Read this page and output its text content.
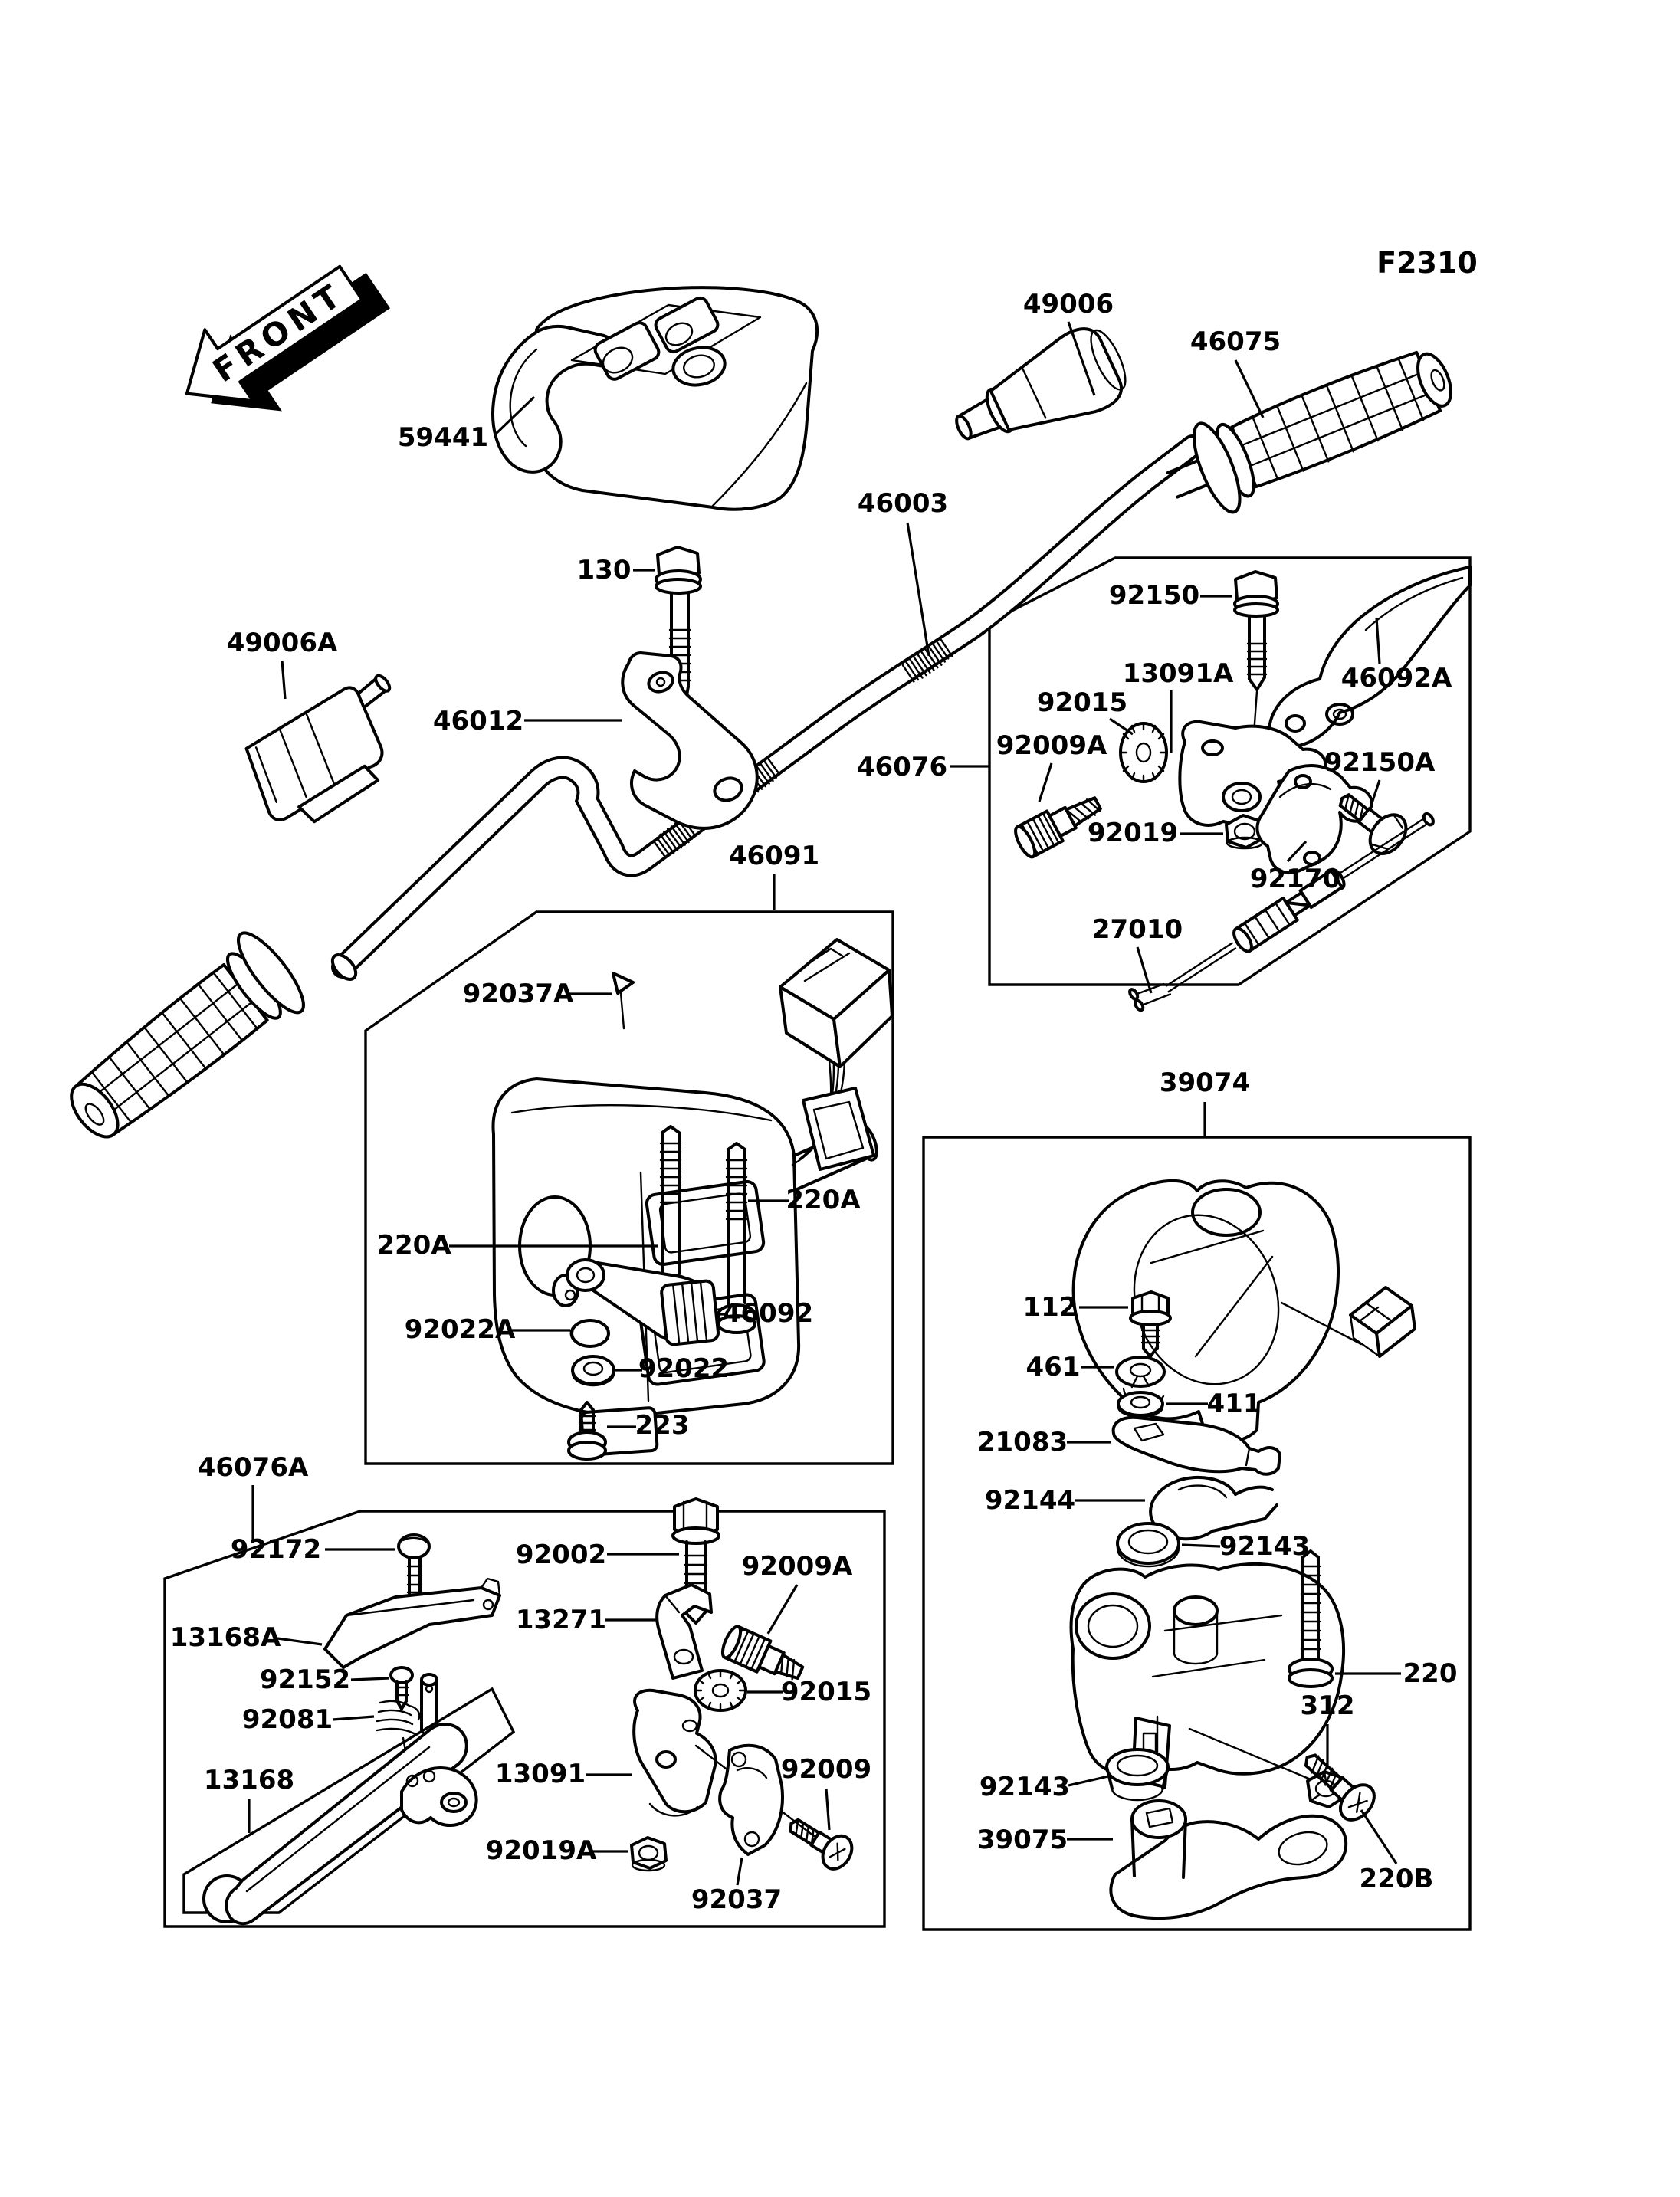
FRONT
59441
49006
46075
46003
130
49006A
46012
46076
92150
13091A
92015
46092A
92009A
92150A
92019
92170
27010
46091
92037A
220A
220A
46092
92022A
92022
223
39074
112
461
411
21083
92144
92143
220
312
92143
39075
220B
46076A
92172	92002	92009A
13271
13168A
92152
92081
13168	13091
92015
92009
92019A
92037
F2310
